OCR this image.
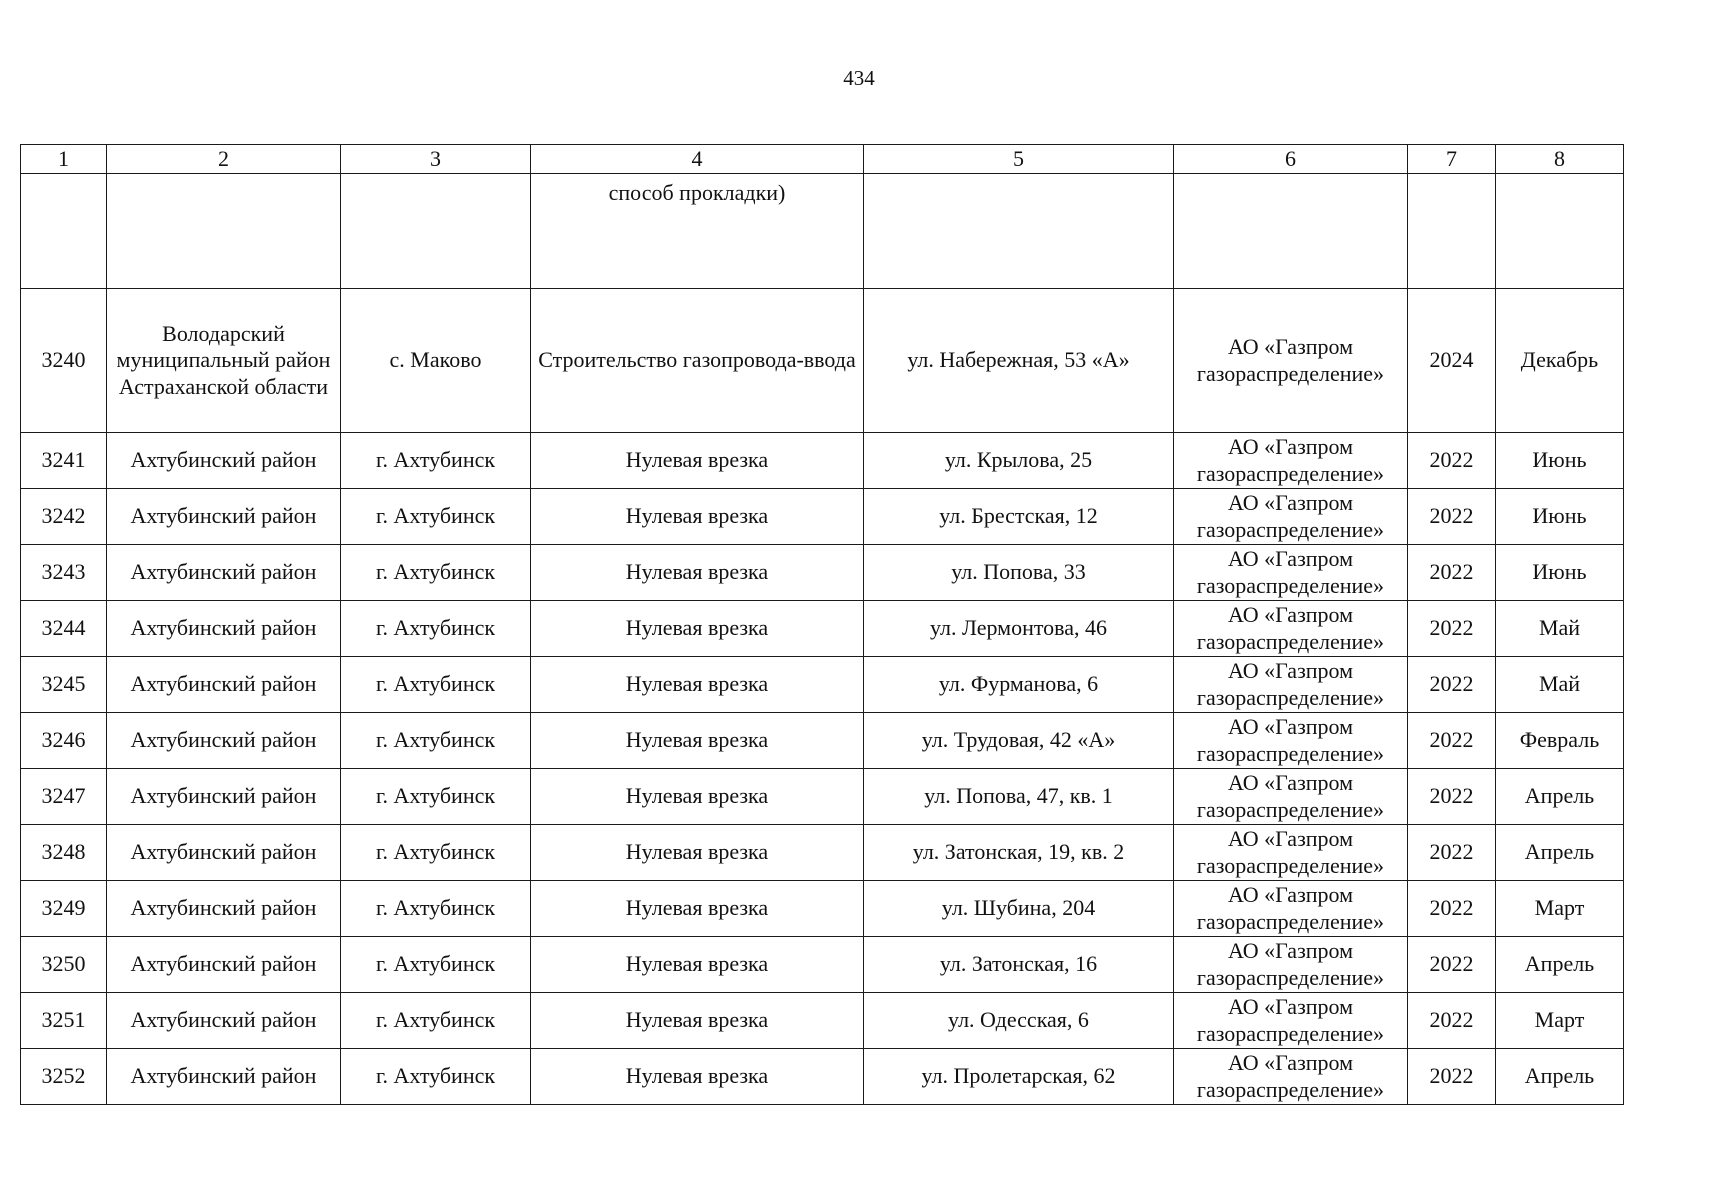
434
1	2	3	4	5	6	7	8
			способ прокладки)				
3240	Володарский муниципальный район Астраханской области	с. Маково	Строительство газопровода-ввода	ул. Набережная, 53 «А»	АО «Газпром газораспределение»	2024	Декабрь
3241	Ахтубинский район	г. Ахтубинск	Нулевая врезка	ул. Крылова, 25	АО «Газпром газораспределение»	2022	Июнь
3242	Ахтубинский район	г. Ахтубинск	Нулевая врезка	ул. Брестская, 12	АО «Газпром газораспределение»	2022	Июнь
3243	Ахтубинский район	г. Ахтубинск	Нулевая врезка	ул. Попова, 33	АО «Газпром газораспределение»	2022	Июнь
3244	Ахтубинский район	г. Ахтубинск	Нулевая врезка	ул. Лермонтова, 46	АО «Газпром газораспределение»	2022	Май
3245	Ахтубинский район	г. Ахтубинск	Нулевая врезка	ул. Фурманова, 6	АО «Газпром газораспределение»	2022	Май
3246	Ахтубинский район	г. Ахтубинск	Нулевая врезка	ул. Трудовая, 42 «А»	АО «Газпром газораспределение»	2022	Февраль
3247	Ахтубинский район	г. Ахтубинск	Нулевая врезка	ул. Попова, 47, кв. 1	АО «Газпром газораспределение»	2022	Апрель
3248	Ахтубинский район	г. Ахтубинск	Нулевая врезка	ул. Затонская, 19, кв. 2	АО «Газпром газораспределение»	2022	Апрель
3249	Ахтубинский район	г. Ахтубинск	Нулевая врезка	ул. Шубина, 204	АО «Газпром газораспределение»	2022	Март
3250	Ахтубинский район	г. Ахтубинск	Нулевая врезка	ул. Затонская, 16	АО «Газпром газораспределение»	2022	Апрель
3251	Ахтубинский район	г. Ахтубинск	Нулевая врезка	ул. Одесская, 6	АО «Газпром газораспределение»	2022	Март
3252	Ахтубинский район	г. Ахтубинск	Нулевая врезка	ул. Пролетарская, 62	АО «Газпром газораспределение»	2022	Апрель
